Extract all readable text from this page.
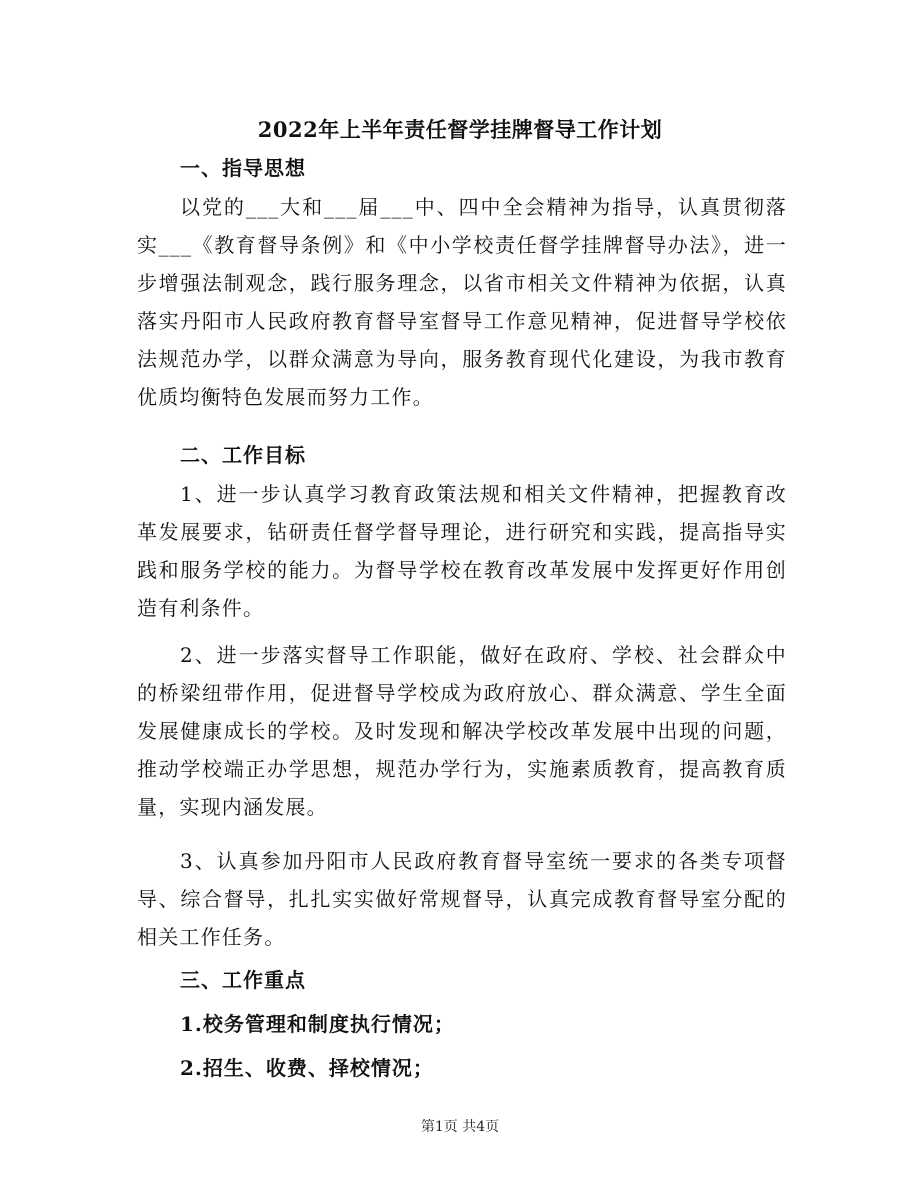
2022年上半年责任督学挂牌督导工作计划
一、指导思想
以党的___大和___届___中、四中全会精神为指导，认真贯彻落实___《教育督导条例》和《中小学校责任督学挂牌督导办法》，进一步增强法制观念，践行服务理念，以省市相关文件精神为依据，认真落实丹阳市人民政府教育督导室督导工作意见精神，促进督导学校依法规范办学，以群众满意为导向，服务教育现代化建设，为我市教育优质均衡特色发展而努力工作。
二、工作目标
1、进一步认真学习教育政策法规和相关文件精神，把握教育改革发展要求，钻研责任督学督导理论，进行研究和实践，提高指导实践和服务学校的能力。为督导学校在教育改革发展中发挥更好作用创造有利条件。
2、进一步落实督导工作职能，做好在政府、学校、社会群众中的桥梁纽带作用，促进督导学校成为政府放心、群众满意、学生全面发展健康成长的学校。及时发现和解决学校改革发展中出现的问题，推动学校端正办学思想，规范办学行为，实施素质教育，提高教育质量，实现内涵发展。
3、认真参加丹阳市人民政府教育督导室统一要求的各类专项督导、综合督导，扎扎实实做好常规督导，认真完成教育督导室分配的相关工作任务。
三、工作重点
1.校务管理和制度执行情况；
2.招生、收费、择校情况；
第1页 共4页
